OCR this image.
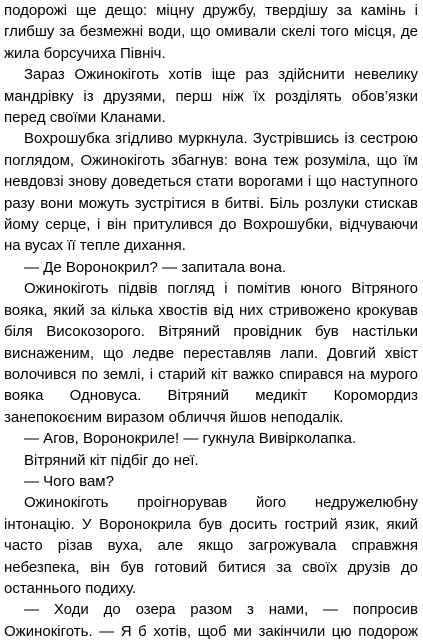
подорожі ще дещо: міцну дружбу, твердішу за камінь і глибшу за безмежні води, що омивали скелі того місця, де жила борсучиха Північ.

Зараз Ожинокіготь хотів іще раз здійснити невелику мандрівку із друзями, перш ніж їх розділять обов’язки перед своїми Кланами.

Вохрошубка згідливо муркнула. Зустрівшись із сестрою поглядом, Ожинокіготь збагнув: вона теж розуміла, що їм невдовзі знову доведеться стати ворогами і що наступного разу вони можуть зустрітися в битві. Біль розлуки стискав йому серце, і він притулився до Вохрошубки, відчуваючи на вусах її тепле дихання.

— Де Воронокрил? — запитала вона.

Ожинокіготь підвів погляд і помітив юного Вітряного вояка, який за кілька хвостів від них стривожено крокував біля Високозорого. Вітряний провідник був настільки виснаженим, що ледве переставляв лапи. Довгий хвіст волочився по землі, і старий кіт важко спирався на мурого вояка Одновуса. Вітряний медикіт Коромордиз занепокоєним виразом обличчя йшов неподалік.

— Агов, Воронокриле! — гукнула Вивірколапка.

Вітряний кіт підбіг до неї.

— Чого вам?

Ожинокіготь проігнорував його недружелюбну інтонацію. У Воронокрила був досить гострий язик, який часто різав вуха, але якщо загрожувала справжня небезпека, він був готовий битися за своїх друзів до останнього подиху.

— Ходи до озера разом з нами, — попросив Ожинокіготь. — Я б хотів, щоб ми закінчили цю подорож
